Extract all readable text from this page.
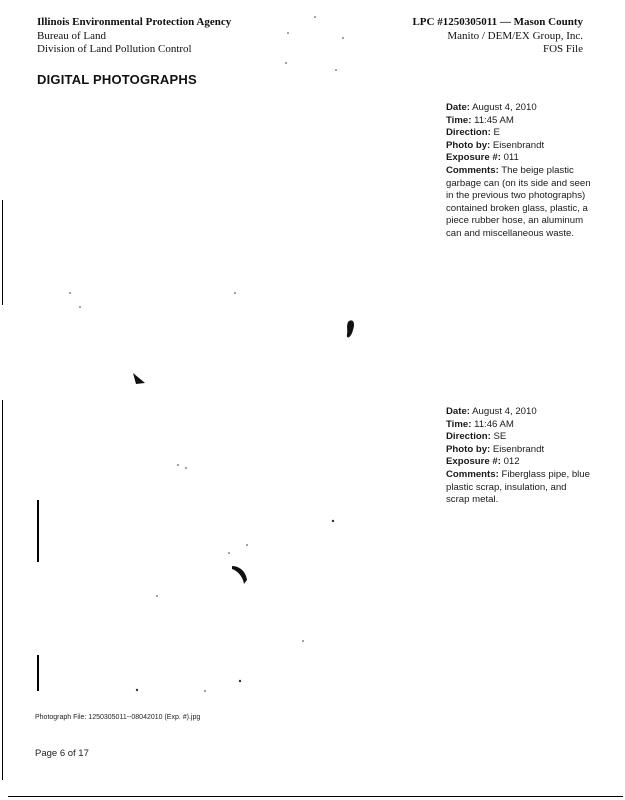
Illinois Environmental Protection Agency
Bureau of Land
Division of Land Pollution Control
LPC #1250305011 — Mason County
Manito / DEM/EX Group, Inc.
FOS File
DIGITAL PHOTOGRAPHS
Date: August 4, 2010
Time: 11:45 AM
Direction: E
Photo by: Eisenbrandt
Exposure #: 011
Comments: The beige plastic garbage can (on its side and seen in the previous two photographs) contained broken glass, plastic, a piece rubber hose, an aluminum can and miscellaneous waste.
Date: August 4, 2010
Time: 11:46 AM
Direction: SE
Photo by: Eisenbrandt
Exposure #: 012
Comments: Fiberglass pipe, blue plastic scrap, insulation, and scrap metal.
Photograph File: 1250305011--08042010 (Exp. #).jpg
Page 6 of 17
